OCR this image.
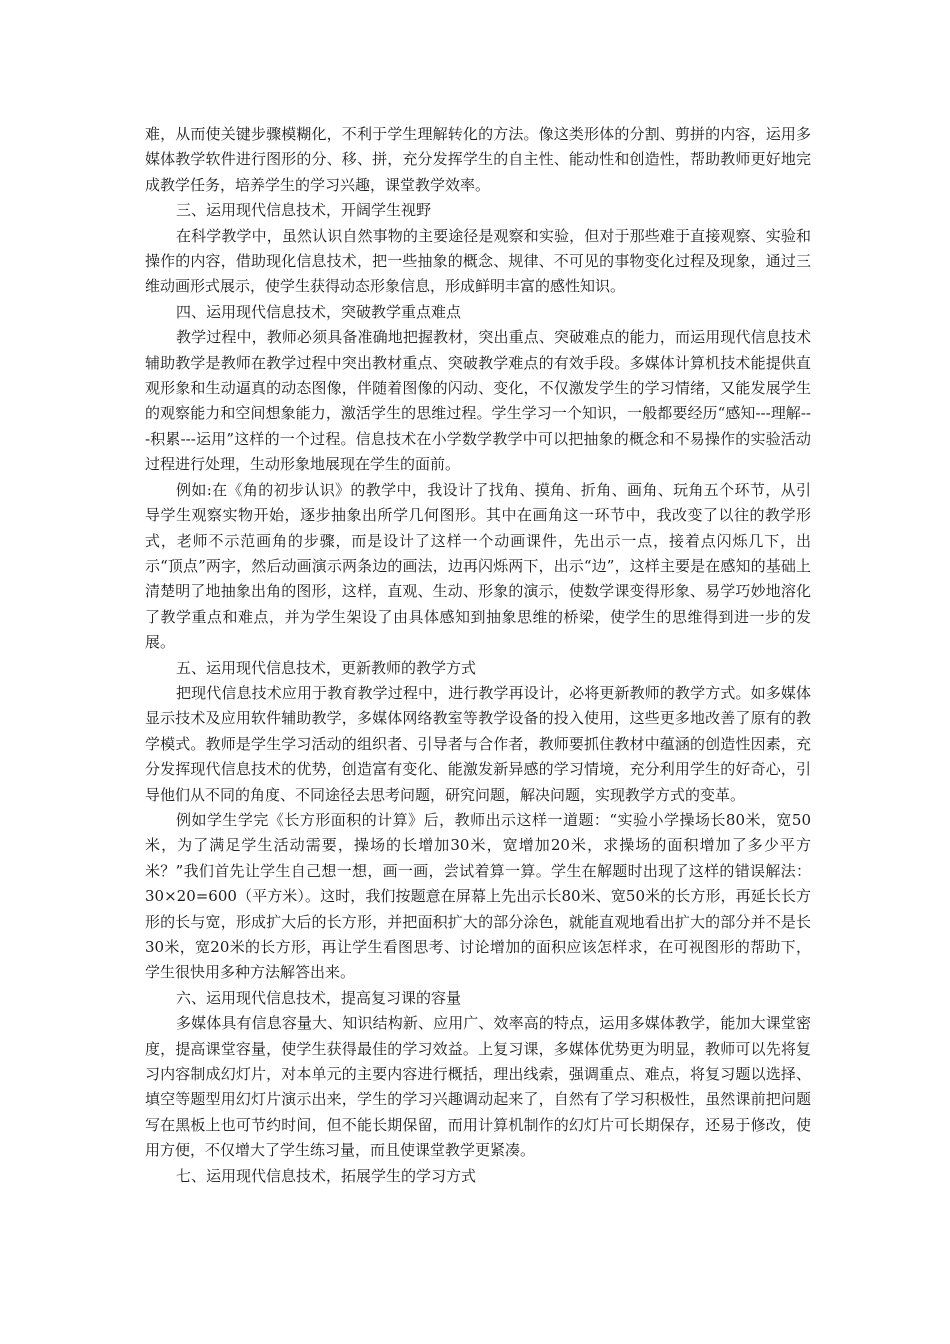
难，从而使关键步骤模糊化，不利于学生理解转化的方法。像这类形体的分割、剪拼的内容，运用多媒体教学软件进行图形的分、移、拼，充分发挥学生的自主性、能动性和创造性，帮助教师更好地完成教学任务，培养学生的学习兴趣，课堂教学效率。

三、运用现代信息技术，开阔学生视野

在科学教学中，虽然认识自然事物的主要途径是观察和实验，但对于那些难于直接观察、实验和操作的内容，借助现化信息技术，把一些抽象的概念、规律、不可见的事物变化过程及现象，通过三维动画形式展示，使学生获得动态形象信息，形成鲜明丰富的感性知识。

四、运用现代信息技术，突破教学重点难点

教学过程中，教师必须具备准确地把握教材，突出重点、突破难点的能力，而运用现代信息技术辅助教学是教师在教学过程中突出教材重点、突破教学难点的有效手段。多媒体计算机技术能提供直观形象和生动逼真的动态图像，伴随着图像的闪动、变化，不仅激发学生的学习情绪，又能发展学生的观察能力和空间想象能力，激活学生的思维过程。学生学习一个知识，一般都要经历“感知---理解---积累---运用”这样的一个过程。信息技术在小学数学教学中可以把抽象的概念和不易操作的实验活动过程进行处理，生动形象地展现在学生的面前。

例如:在《角的初步认识》的教学中，我设计了找角、摸角、折角、画角、玩角五个环节，从引导学生观察实物开始，逐步抽象出所学几何图形。其中在画角这一环节中，我改变了以往的教学形式，老师不示范画角的步骤，而是设计了这样一个动画课件，先出示一点，接着点闪烁几下，出示“顶点”两字，然后动画演示两条边的画法，边再闪烁两下，出示“边”，这样主要是在感知的基础上清楚明了地抽象出角的图形，这样，直观、生动、形象的演示，使数学课变得形象、易学巧妙地溶化了教学重点和难点，并为学生架设了由具体感知到抽象思维的桥梁，使学生的思维得到进一步的发展。

五、运用现代信息技术，更新教师的教学方式

把现代信息技术应用于教育教学过程中，进行教学再设计，必将更新教师的教学方式。如多媒体显示技术及应用软件辅助教学，多媒体网络教室等教学设备的投入使用，这些更多地改善了原有的教学模式。教师是学生学习活动的组织者、引导者与合作者，教师要抓住教材中蕴涵的创造性因素，充分发挥现代信息技术的优势，创造富有变化、能激发新异感的学习情境，充分利用学生的好奇心，引导他们从不同的角度、不同途径去思考问题，研究问题，解决问题，实现教学方式的变革。

例如学生学完《长方形面积的计算》后，教师出示这样一道题：“实验小学操场长80米，宽50米，为了满足学生活动需要，操场的长增加30米，宽增加20米，求操场的面积增加了多少平方米？”我们首先让学生自己想一想，画一画，尝试着算一算。学生在解题时出现了这样的错误解法：30×20=600（平方米）。这时，我们按题意在屏幕上先出示长80米、宽50米的长方形，再延长长方形的长与宽，形成扩大后的长方形，并把面积扩大的部分涂色，就能直观地看出扩大的部分并不是长30米，宽20米的长方形，再让学生看图思考、讨论增加的面积应该怎样求，在可视图形的帮助下，学生很快用多种方法解答出来。

六、运用现代信息技术，提高复习课的容量

多媒体具有信息容量大、知识结构新、应用广、效率高的特点，运用多媒体教学，能加大课堂密度，提高课堂容量，使学生获得最佳的学习效益。上复习课，多媒体优势更为明显，教师可以先将复习内容制成幻灯片，对本单元的主要内容进行概括，理出线索，强调重点、难点，将复习题以选择、填空等题型用幻灯片演示出来，学生的学习兴趣调动起来了，自然有了学习积极性，虽然课前把问题写在黑板上也可节约时间，但不能长期保留，而用计算机制作的幻灯片可长期保存，还易于修改，使用方便，不仅增大了学生练习量，而且使课堂教学更紧凑。

七、运用现代信息技术，拓展学生的学习方式
